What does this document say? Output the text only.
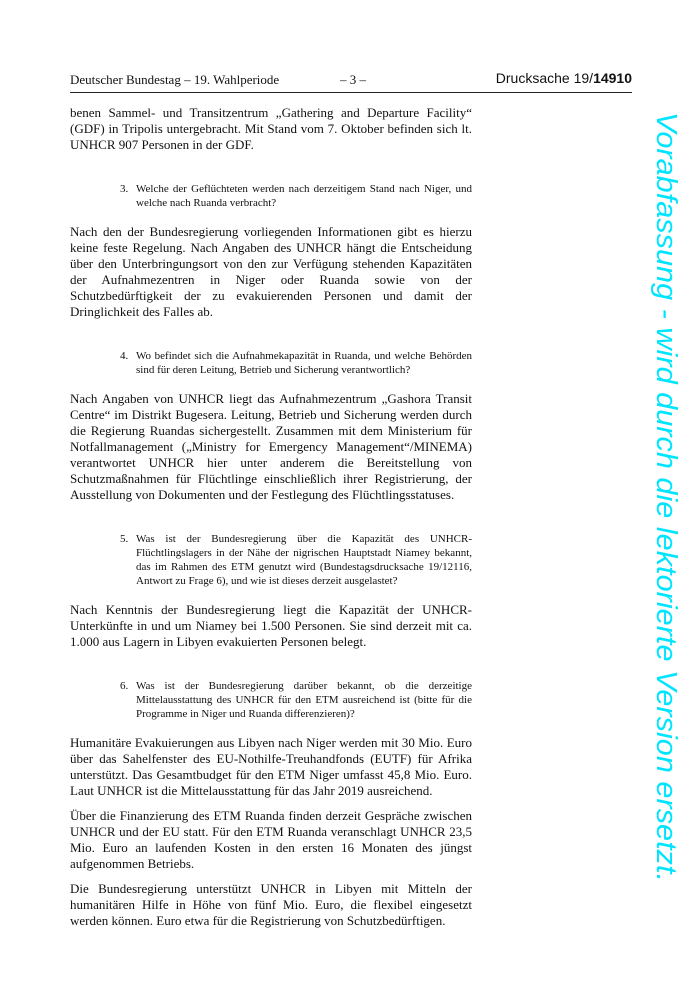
Deutscher Bundestag – 19. Wahlperiode	– 3 –	Drucksache 19/14910

benen Sammel- und Transitzentrum „Gathering and Departure Facility“ (GDF) in Tripolis untergebracht. Mit Stand vom 7. Oktober befinden sich lt. UNHCR 907 Personen in der GDF.

3. Welche der Geflüchteten werden nach derzeitigem Stand nach Niger, und welche nach Ruanda verbracht?

Nach den der Bundesregierung vorliegenden Informationen gibt es hierzu keine feste Regelung. Nach Angaben des UNHCR hängt die Entscheidung über den Unterbringungsort von den zur Verfügung stehenden Kapazitäten der Aufnahmezentren in Niger oder Ruanda sowie von der Schutzbedürftigkeit der zu evakuierenden Personen und damit der Dringlichkeit des Falles ab.

4. Wo befindet sich die Aufnahmekapazität in Ruanda, und welche Behörden sind für deren Leitung, Betrieb und Sicherung verantwortlich?

Nach Angaben von UNHCR liegt das Aufnahmezentrum „Gashora Transit Centre“ im Distrikt Bugesera. Leitung, Betrieb und Sicherung werden durch die Regierung Ruandas sichergestellt. Zusammen mit dem Ministerium für Notfallmanagement („Ministry for Emergency Management“/MINEMA) verantwortet UNHCR hier unter anderem die Bereitstellung von Schutzmaßnahmen für Flüchtlinge einschließlich ihrer Registrierung, der Ausstellung von Dokumenten und der Festlegung des Flüchtlingsstatuses.

5. Was ist der Bundesregierung über die Kapazität des UNHCR-Flüchtlingslagers in der Nähe der nigrischen Hauptstadt Niamey bekannt, das im Rahmen des ETM genutzt wird (Bundestagsdrucksache 19/12116, Antwort zu Frage 6), und wie ist dieses derzeit ausgelastet?

Nach Kenntnis der Bundesregierung liegt die Kapazität der UNHCR-Unterkünfte in und um Niamey bei 1.500 Personen. Sie sind derzeit mit ca. 1.000 aus Lagern in Libyen evakuierten Personen belegt.

6. Was ist der Bundesregierung darüber bekannt, ob die derzeitige Mittelausstattung des UNHCR für den ETM ausreichend ist (bitte für die Programme in Niger und Ruanda differenzieren)?

Humanitäre Evakuierungen aus Libyen nach Niger werden mit 30 Mio. Euro über das Sahelfenster des EU-Nothilfe-Treuhandfonds (EUTF) für Afrika unterstützt. Das Gesamtbudget für den ETM Niger umfasst 45,8 Mio. Euro. Laut UNHCR ist die Mittelausstattung für das Jahr 2019 ausreichend.

Über die Finanzierung des ETM Ruanda finden derzeit Gespräche zwischen UNHCR und der EU statt. Für den ETM Ruanda veranschlagt UNHCR 23,5 Mio. Euro an laufenden Kosten in den ersten 16 Monaten des jüngst aufgenommen Betriebs.

Die Bundesregierung unterstützt UNHCR in Libyen mit Mitteln der humanitären Hilfe in Höhe von fünf Mio. Euro, die flexibel eingesetzt werden können. Euro etwa für die Registrierung von Schutzbedürftigen.

Vorabfassung - wird durch die lektorierte Version ersetzt.
